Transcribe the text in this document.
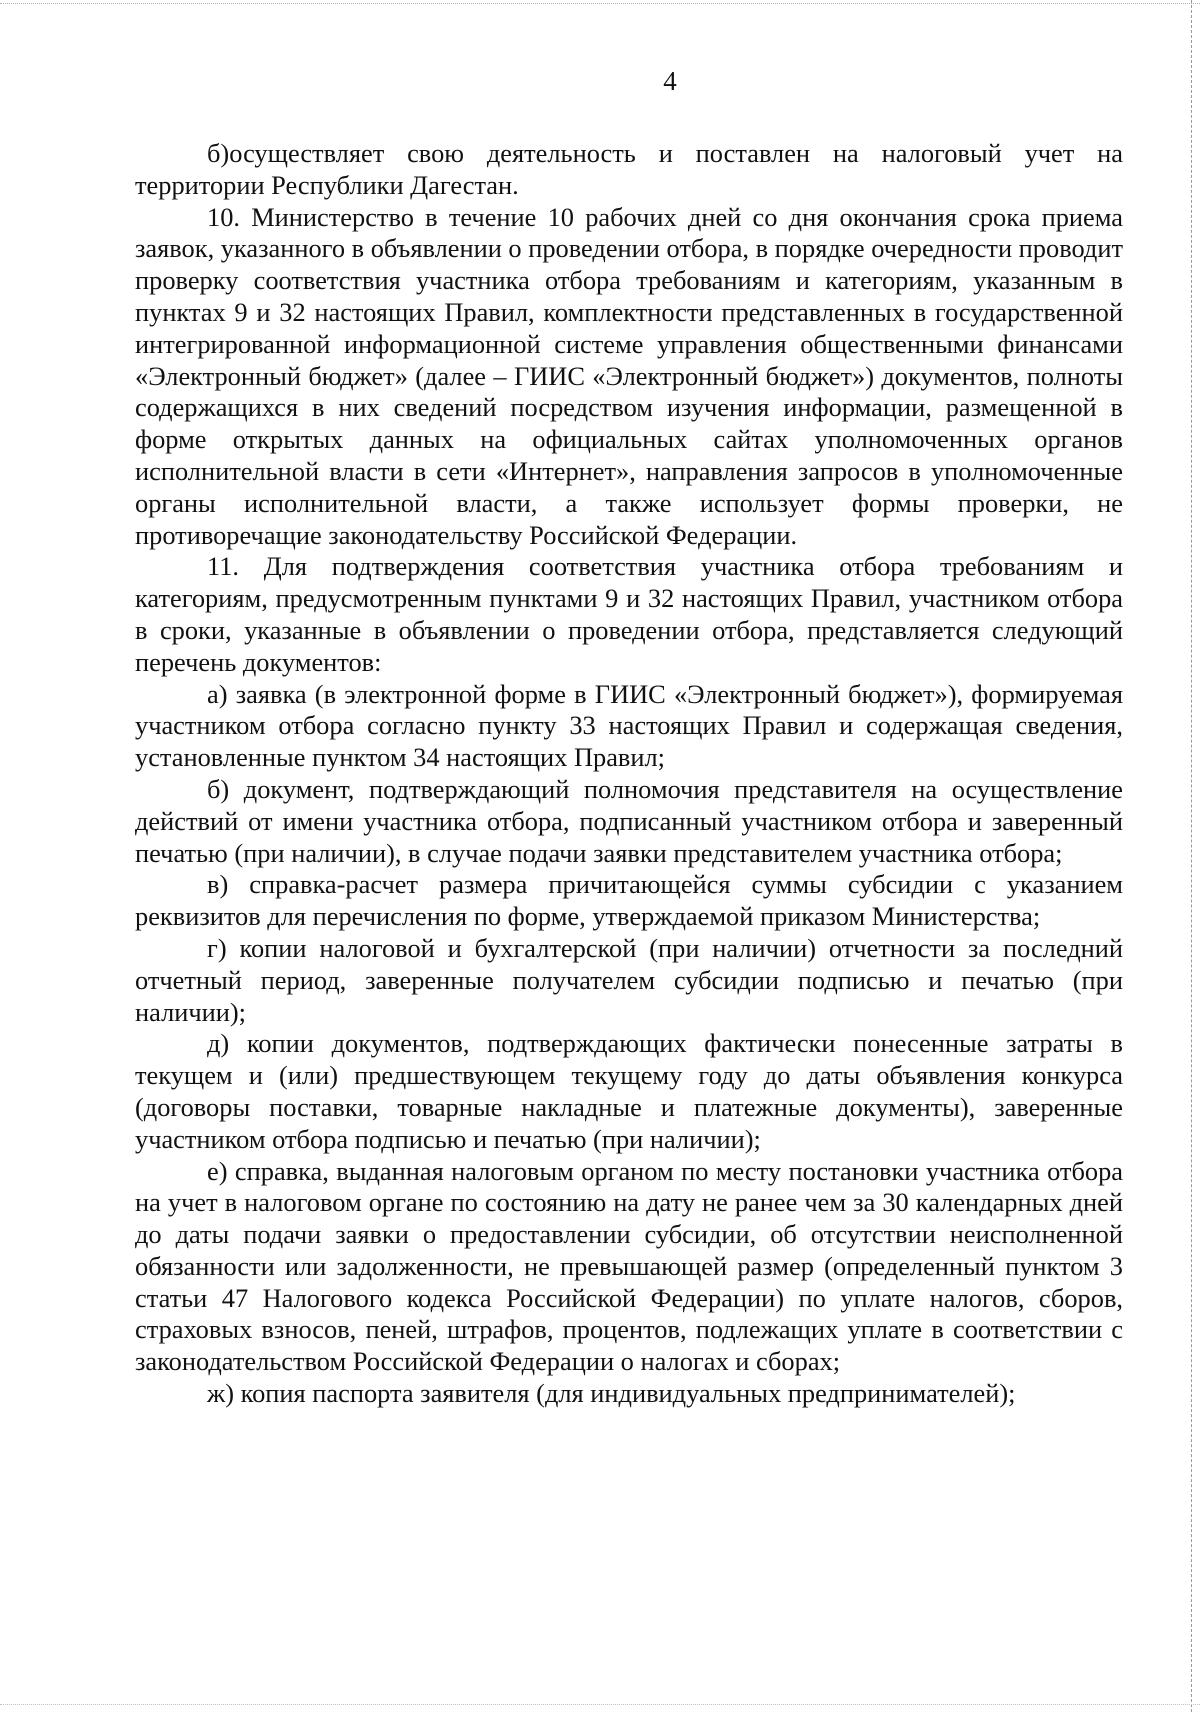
4

б)осуществляет свою деятельность и поставлен на налоговый учет на территории Республики Дагестан.

10. Министерство в течение 10 рабочих дней со дня окончания срока приема заявок, указанного в объявлении о проведении отбора, в порядке очередности проводит проверку соответствия участника отбора требованиям и категориям, указанным в пунктах 9 и 32 настоящих Правил, комплектности представленных в государственной интегрированной информационной системе управления общественными финансами «Электронный бюджет» (далее – ГИИС «Электронный бюджет») документов, полноты содержащихся в них сведений посредством изучения информации, размещенной в форме открытых данных на официальных сайтах уполномоченных органов исполнительной власти в сети «Интернет», направления запросов в уполномоченные органы исполнительной власти, а также использует формы проверки, не противоречащие законодательству Российской Федерации.

11. Для подтверждения соответствия участника отбора требованиям и категориям, предусмотренным пунктами 9 и 32 настоящих Правил, участником отбора в сроки, указанные в объявлении о проведении отбора, представляется следующий перечень документов:

а) заявка (в электронной форме в ГИИС «Электронный бюджет»), формируемая участником отбора согласно пункту 33 настоящих Правил и содержащая сведения, установленные пунктом 34 настоящих Правил;

б) документ, подтверждающий полномочия представителя на осуществление действий от имени участника отбора, подписанный участником отбора и заверенный печатью (при наличии), в случае подачи заявки представителем участника отбора;

в) справка-расчет размера причитающейся суммы субсидии с указанием реквизитов для перечисления по форме, утверждаемой приказом Министерства;

г) копии налоговой и бухгалтерской (при наличии) отчетности за последний отчетный период, заверенные получателем субсидии подписью и печатью (при наличии);

д) копии документов, подтверждающих фактически понесенные затраты в текущем и (или) предшествующем текущему году до даты объявления конкурса (договоры поставки, товарные накладные и платежные документы), заверенные участником отбора подписью и печатью (при наличии);

е) справка, выданная налоговым органом по месту постановки участника отбора на учет в налоговом органе по состоянию на дату не ранее чем за 30 календарных дней до даты подачи заявки о предоставлении субсидии, об отсутствии неисполненной обязанности или задолженности, не превышающей размер (определенный пунктом 3 статьи 47 Налогового кодекса Российской Федерации) по уплате налогов, сборов, страховых взносов, пеней, штрафов, процентов, подлежащих уплате в соответствии с законодательством Российской Федерации о налогах и сборах;

ж) копия паспорта заявителя (для индивидуальных предпринимателей);
